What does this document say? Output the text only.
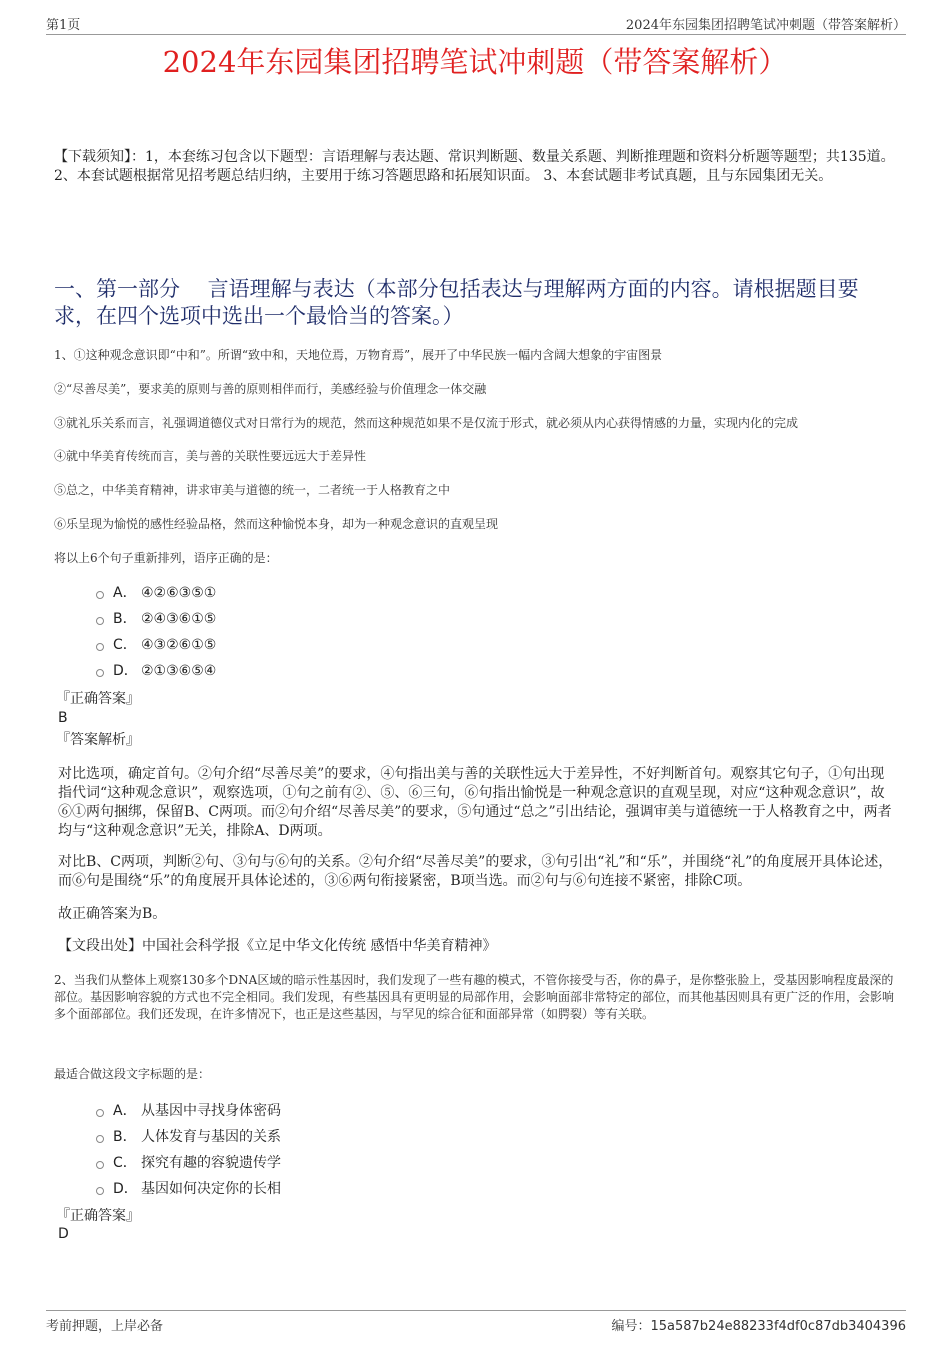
第1页	2024年东园集团招聘笔试冲刺题（带答案解析）
2024年东园集团招聘笔试冲刺题（带答案解析）
【下载须知】：1，本套练习包含以下题型：言语理解与表达题、常识判断题、数量关系题、判断推理题和资料分析题等题型；共135道。 2、本套试题根据常见招考题总结归纳，主要用于练习答题思路和拓展知识面。 3、本套试题非考试真题，且与东园集团无关。
一、第一部分　 言语理解与表达（本部分包括表达与理解两方面的内容。请根据题目要求，在四个选项中选出一个最恰当的答案。）
1、①这种观念意识即“中和”。所谓“致中和，天地位焉，万物育焉”，展开了中华民族一幅内含阔大想象的宇宙图景
②“尽善尽美”，要求美的原则与善的原则相伴而行，美感经验与价值理念一体交融
③就礼乐关系而言，礼强调道德仪式对日常行为的规范，然而这种规范如果不是仅流于形式，就必须从内心获得情感的力量，实现内化的完成
④就中华美育传统而言，美与善的关联性要远远大于差异性
⑤总之，中华美育精神，讲求审美与道德的统一，二者统一于人格教育之中
⑥乐呈现为愉悦的感性经验品格，然而这种愉悦本身，却为一种观念意识的直观呈现
将以上6个句子重新排列，语序正确的是：
A． ④②⑥③⑤①
B． ②④③⑥①⑤
C． ④③②⑥①⑤
D． ②①③⑥⑤④
『正确答案』
B
『答案解析』
对比选项，确定首句。②句介绍“尽善尽美”的要求，④句指出美与善的关联性远大于差异性，不好判断首句。观察其它句子，①句出现指代词“这种观念意识”，观察选项，①句之前有②、⑤、⑥三句，⑥句指出愉悦是一种观念意识的直观呈现，对应“这种观念意识”，故⑥①两句捆绑，保留B、C两项。而②句介绍“尽善尽美”的要求，⑤句通过“总之”引出结论，强调审美与道德统一于人格教育之中，两者均与“这种观念意识”无关，排除A、D两项。
对比B、C两项，判断②句、③句与⑥句的关系。②句介绍“尽善尽美”的要求，③句引出“礼”和“乐”，并围绕“礼”的角度展开具体论述，而⑥句是围绕“乐”的角度展开具体论述的，③⑥两句衔接紧密，B项当选。而②句与⑥句连接不紧密，排除C项。
故正确答案为B。
【文段出处】中国社会科学报《立足中华文化传统 感悟中华美育精神》
2、当我们从整体上观察130多个DNA区域的暗示性基因时，我们发现了一些有趣的模式，不管你接受与否，你的鼻子，是你整张脸上，受基因影响程度最深的部位。基因影响容貌的方式也不完全相同。我们发现，有些基因具有更明显的局部作用，会影响面部非常特定的部位，而其他基因则具有更广泛的作用，会影响多个面部部位。我们还发现，在许多情况下，也正是这些基因，与罕见的综合征和面部异常（如腭裂）等有关联。
最适合做这段文字标题的是：
A． 从基因中寻找身体密码
B． 人体发育与基因的关系
C． 探究有趣的容貌遗传学
D． 基因如何决定你的长相
『正确答案』
D
考前押题，上岸必备	编号：15a587b24e88233f4df0c87db3404396
